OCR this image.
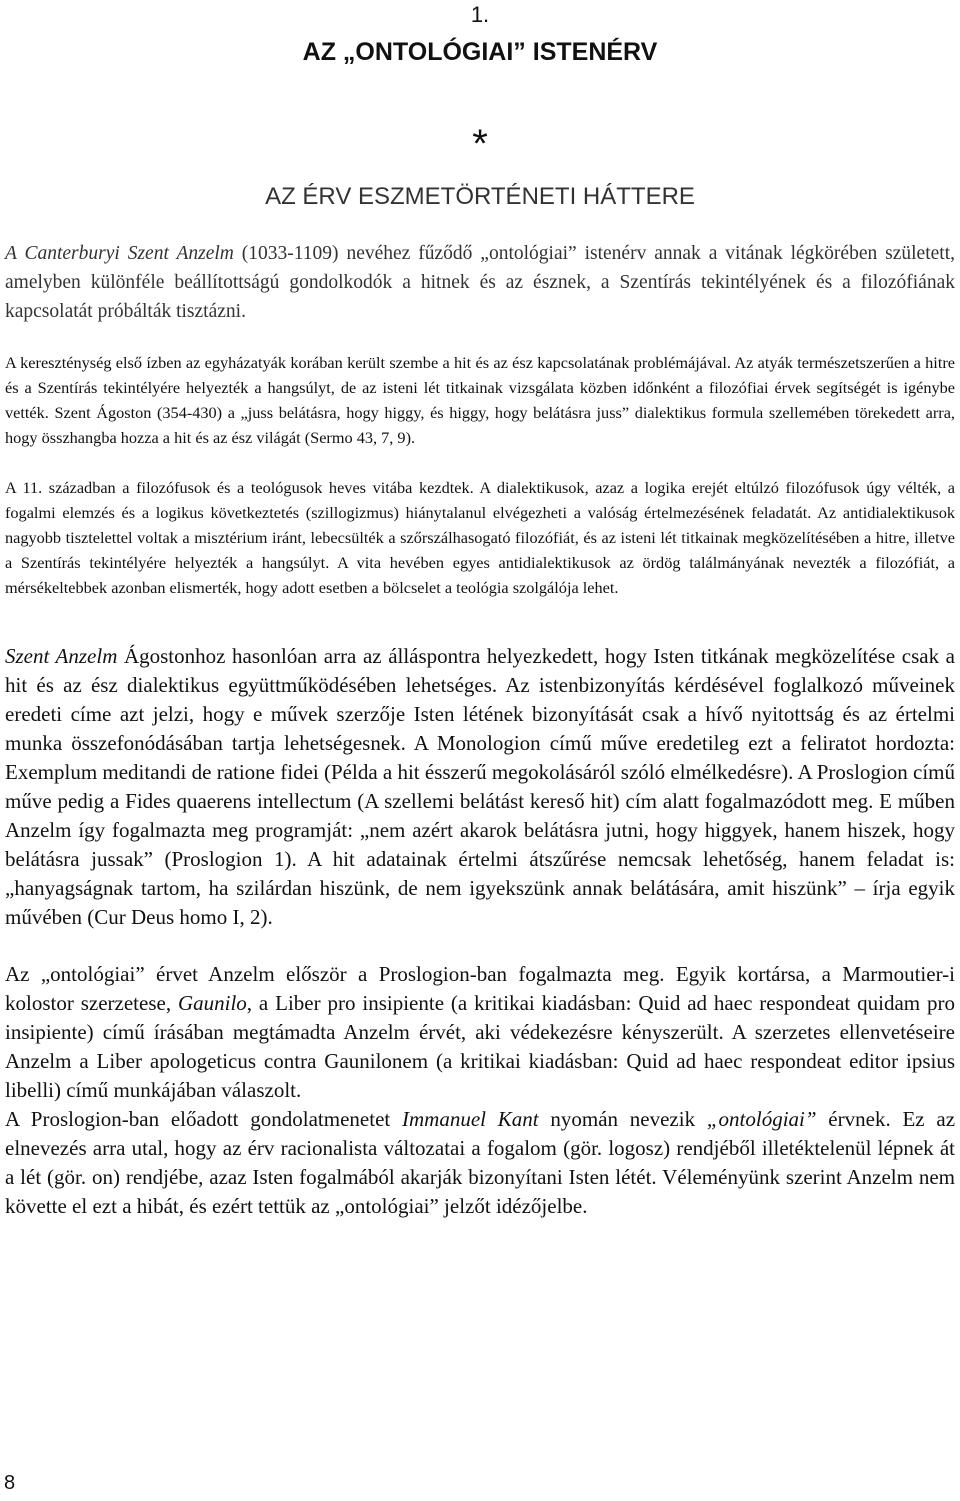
1.
AZ „ONTOLÓGIAI” ISTENÉRV
*
AZ ÉRV ESZMETÖRTÉNETI HÁTTERE

A Canterburyi Szent Anzelm (1033-1109) nevéhez fűződő „ontológiai” istenérv annak a vitának légkörében született, amelyben különféle beállítottságú gondolkodók a hitnek és az észnek, a Szentírás tekintélyének és a filozófiának kapcsolatát próbálták tisztázni.

A kereszténység első ízben az egyházatyák korában került szembe a hit és az ész kapcsolatának problémájával. Az atyák természetszerűen a hitre és a Szentírás tekintélyére helyezték a hangsúlyt, de az isteni lét titkainak vizsgálata közben időnként a filozófiai érvek segítségét is igénybe vették. Szent Ágoston (354-430) a „juss belátásra, hogy higgy, és higgy, hogy belátásra juss” dialektikus formula szellemében törekedett arra, hogy összhangba hozza a hit és az ész világát (Sermo 43, 7, 9).

A 11. században a filozófusok és a teológusok heves vitába kezdtek. A dialektikusok, azaz a logika erejét eltúlzó filozófusok úgy vélték, a fogalmi elemzés és a logikus következtetés (szillogizmus) hiánytalanul elvégezheti a valóság értelmezésének feladatát. Az antidialektikusok nagyobb tisztelettel voltak a misztérium iránt, lebecsülték a szőrszálhasogató filozófiát, és az isteni lét titkainak megközelítésében a hitre, illetve a Szentírás tekintélyére helyezték a hangsúlyt. A vita hevében egyes antidialektikusok az ördög találmányának nevezték a filozófiát, a mérsékeltebbek azonban elismerték, hogy adott esetben a bölcselet a teológia szolgálója lehet.

Szent Anzelm Ágostonhoz hasonlóan arra az álláspontra helyezkedett, hogy Isten titkának megközelítése csak a hit és az ész dialektikus együttműködésében lehetséges. Az istenbizonyítás kérdésével foglalkozó műveinek eredeti címe azt jelzi, hogy e művek szerzője Isten létének bizonyítását csak a hívő nyitottság és az értelmi munka összefonódásában tartja lehetségesnek. A Monologion című műve eredetileg ezt a feliratot hordozta: Exemplum meditandi de ratione fidei (Példa a hit ésszerű megokolásáról szóló elmélkedésre). A Proslogion című műve pedig a Fides quaerens intellectum (A szellemi belátást kereső hit) cím alatt fogalmazódott meg. E műben Anzelm így fogalmazta meg programját: „nem azért akarok belátásra jutni, hogy higgyek, hanem hiszek, hogy belátásra jussak” (Proslogion 1). A hit adatainak értelmi átszűrése nemcsak lehetőség, hanem feladat is: „hanyagságnak tartom, ha szilárdan hiszünk, de nem igyekszünk annak belátására, amit hiszünk” – írja egyik művében (Cur Deus homo I, 2).

Az „ontológiai” érvet Anzelm először a Proslogion-ban fogalmazta meg. Egyik kortársa, a Marmoutier-i kolostor szerzetese, Gaunilo, a Liber pro insipiente (a kritikai kiadásban: Quid ad haec respondeat quidam pro insipiente) című írásában megtámadta Anzelm érvét, aki védekezésre kényszerült. A szerzetes ellenvetéseire Anzelm a Liber apologeticus contra Gaunilonem (a kritikai kiadásban: Quid ad haec respondeat editor ipsius libelli) című munkájában válaszolt.

A Proslogion-ban előadott gondolatmenetet Immanuel Kant nyomán nevezik „ontológiai” érvnek. Ez az elnevezés arra utal, hogy az érv racionalista változatai a fogalom (gör. logosz) rendjéből illetéktelenül lépnek át a lét (gör. on) rendjébe, azaz Isten fogalmából akarják bizonyítani Isten létét. Véleményünk szerint Anzelm nem követte el ezt a hibát, és ezért tettük az „ontológiai” jelzőt idézőjelbe.

8
